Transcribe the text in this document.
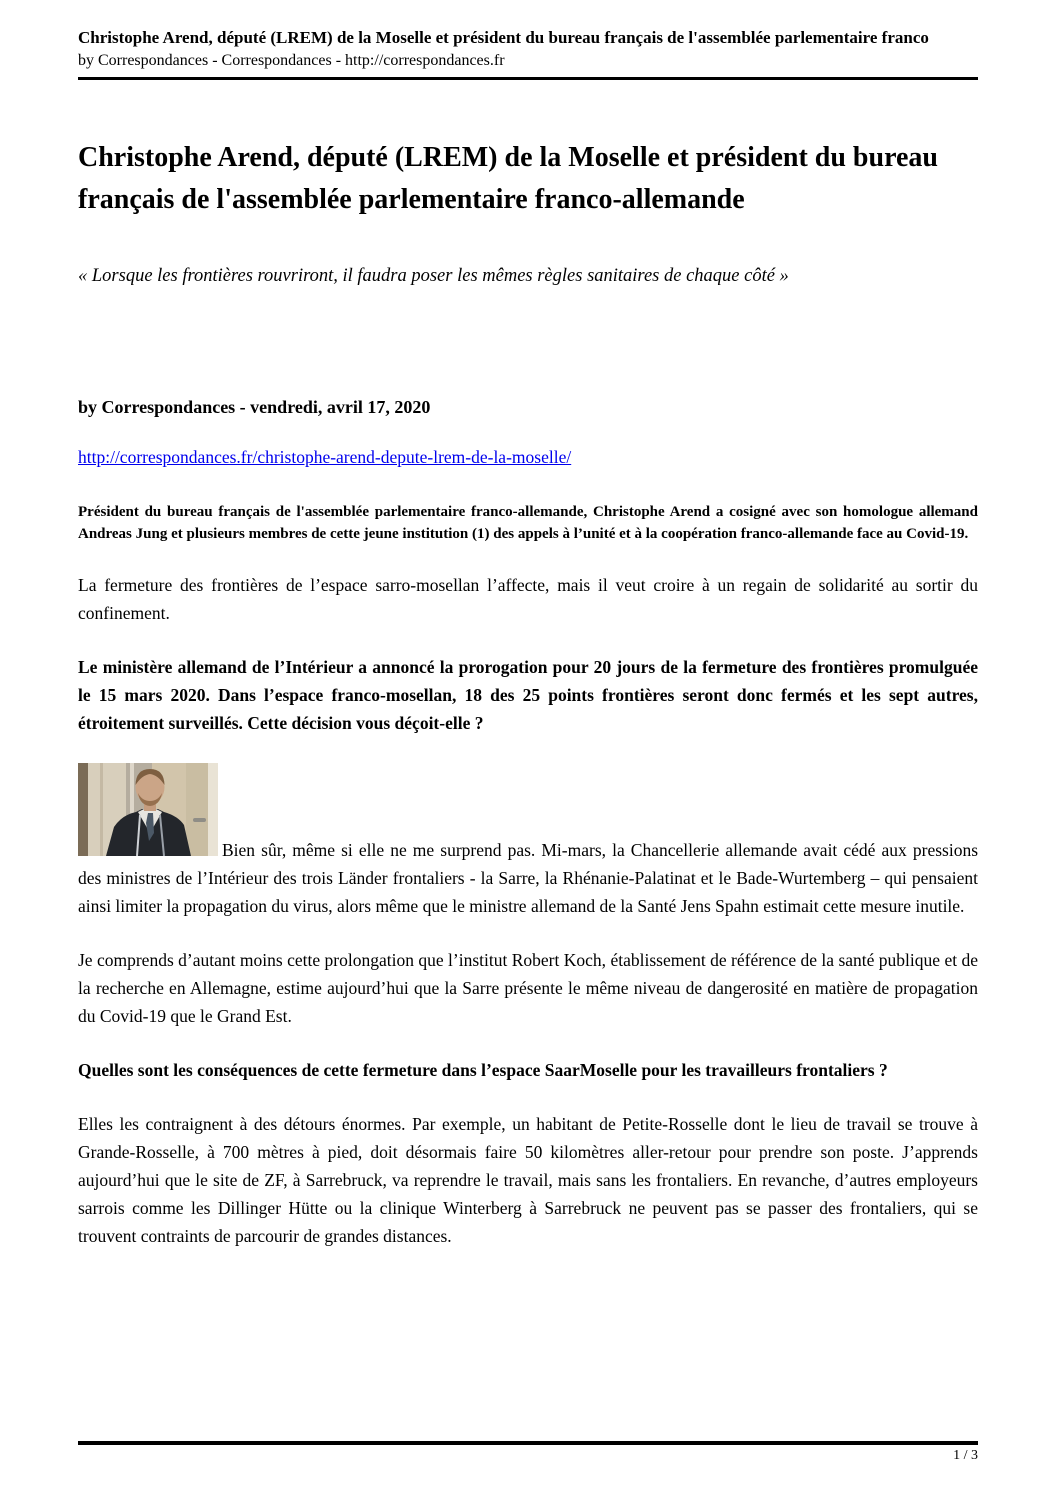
Christophe Arend, député (LREM) de la Moselle et président du bureau français de l'assemblée parlementaire franco
by Correspondances - Correspondances - http://correspondances.fr
Christophe Arend, député (LREM) de la Moselle et président du bureau français de l'assemblée parlementaire franco-allemande
« Lorsque les frontières rouvriront, il faudra poser les mêmes règles sanitaires de chaque côté »
by Correspondances - vendredi, avril 17, 2020
http://correspondances.fr/christophe-arend-depute-lrem-de-la-moselle/

Président du bureau français de l'assemblée parlementaire franco-allemande, Christophe Arend a cosigné avec son homologue allemand Andreas Jung et plusieurs membres de cette jeune institution (1) des appels à l’unité et à la coopération franco-allemande face au Covid-19.

La fermeture des frontières de l’espace sarro-mosellan l’affecte, mais il veut croire à un regain de solidarité au sortir du confinement.

Le ministère allemand de l’Intérieur a annoncé la prorogation pour 20 jours de la fermeture des frontières promulguée le 15 mars 2020. Dans l’espace franco-mosellan, 18 des 25 points frontières seront donc fermés et les sept autres, étroitement surveillés. Cette décision vous déçoit-elle ?

Bien sûr, même si elle ne me surprend pas. Mi-mars, la Chancellerie allemande avait cédé aux pressions des ministres de l’Intérieur des trois Länder frontaliers - la Sarre, la Rhénanie-Palatinat et le Bade-Wurtemberg – qui pensaient ainsi limiter la propagation du virus, alors même que le ministre allemand de la Santé Jens Spahn estimait cette mesure inutile.

Je comprends d’autant moins cette prolongation que l’institut Robert Koch, établissement de référence de la santé publique et de la recherche en Allemagne, estime aujourd’hui que la Sarre présente le même niveau de dangerosité en matière de propagation du Covid-19 que le Grand Est.

Quelles sont les conséquences de cette fermeture dans l’espace SaarMoselle pour les travailleurs frontaliers ?

Elles les contraignent à des détours énormes. Par exemple, un habitant de Petite-Rosselle dont le lieu de travail se trouve à Grande-Rosselle, à 700 mètres à pied, doit désormais faire 50 kilomètres aller-retour pour prendre son poste. J’apprends aujourd’hui que le site de ZF, à Sarrebruck, va reprendre le travail, mais sans les frontaliers. En revanche, d’autres employeurs sarrois comme les Dillinger Hütte ou la clinique Winterberg à Sarrebruck ne peuvent pas se passer des frontaliers, qui se trouvent contraints de parcourir de grandes distances.

1 / 3
